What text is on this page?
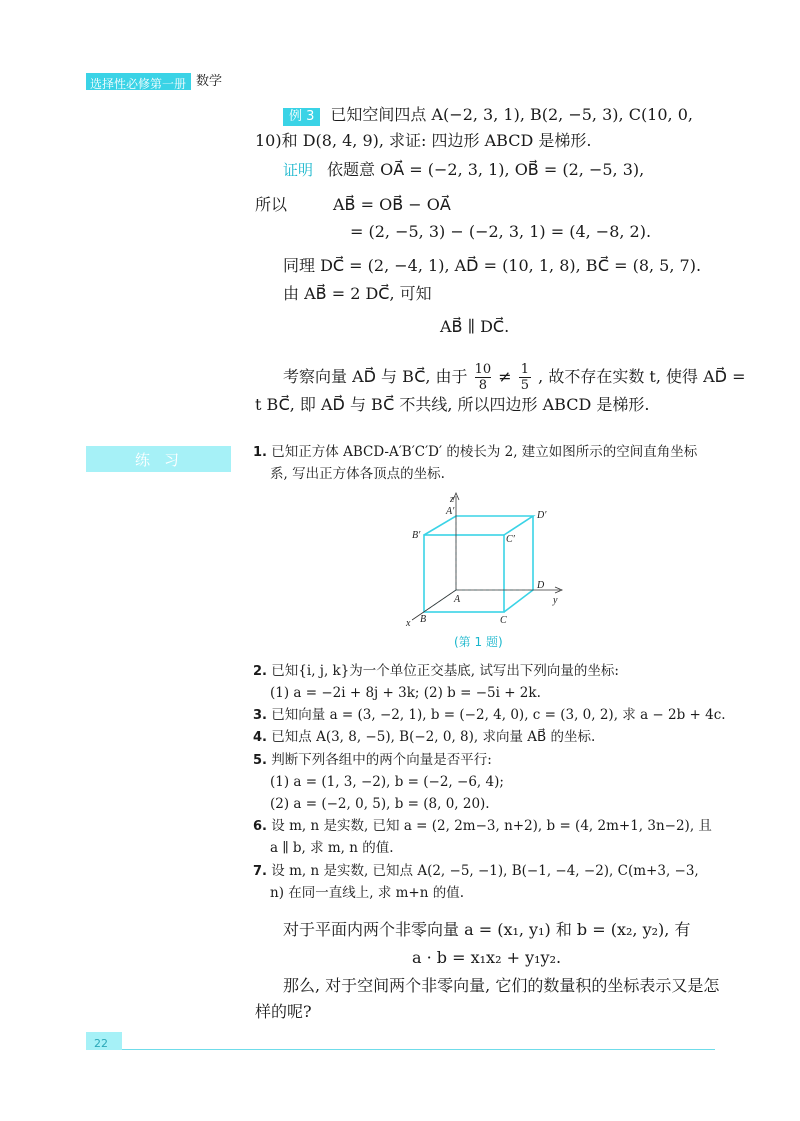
选择性必修第一册 数学
例 3 已知空间四点 A(−2, 3, 1), B(2, −5, 3), C(10, 0,
10)和 D(8, 4, 9), 求证: 四边形 ABCD 是梯形.
证明 依题意 OA⃗ = (−2, 3, 1), OB⃗ = (2, −5, 3),
所以	AB⃗ = OB⃗ − OA⃗
= (2, −5, 3) − (−2, 3, 1) = (4, −8, 2).
同理 DC⃗ = (2, −4, 1), AD⃗ = (10, 1, 8), BC⃗ = (8, 5, 7).
由 AB⃗ = 2 DC⃗, 可知
AB⃗ ∥ DC⃗.
考察向量 AD⃗ 与 BC⃗, 由于 $\frac{10}{8} \ne \frac{1}{5}$ , 故不存在实数 t, 使得 AD⃗ =
t BC⃗, 即 AD⃗ 与 BC⃗ 不共线, 所以四边形 ABCD 是梯形.
练习	1. 已知正方体 ABCD-A′B′C′D′ 的棱长为 2, 建立如图所示的空间直角坐标
系, 写出正方体各顶点的坐标.
z
y
x
A′
B′	C′
D′
A
B	C
D
(第 1 题)
2. 已知{i, j, k}为一个单位正交基底, 试写出下列向量的坐标:
(1) a = −2i + 8j + 3k; (2) b = −5i + 2k.
3. 已知向量 a = (3, −2, 1), b = (−2, 4, 0), c = (3, 0, 2), 求 a − 2b + 4c.
4. 已知点 A(3, 8, −5), B(−2, 0, 8), 求向量 AB⃗ 的坐标.
5. 判断下列各组中的两个向量是否平行:
(1) a = (1, 3, −2), b = (−2, −6, 4);
(2) a = (−2, 0, 5), b = (8, 0, 20).
6. 设 m, n 是实数, 已知 a = (2, 2m−3, n+2), b = (4, 2m+1, 3n−2), 且
a ∥ b, 求 m, n 的值.
7. 设 m, n 是实数, 已知点 A(2, −5, −1), B(−1, −4, −2), C(m+3, −3,
n) 在同一直线上, 求 m+n 的值.
对于平面内两个非零向量 a = (x₁, y₁) 和 b = (x₂, y₂), 有
a · b = x₁x₂ + y₁y₂.
那么, 对于空间两个非零向量, 它们的数量积的坐标表示又是怎
样的呢?
22
